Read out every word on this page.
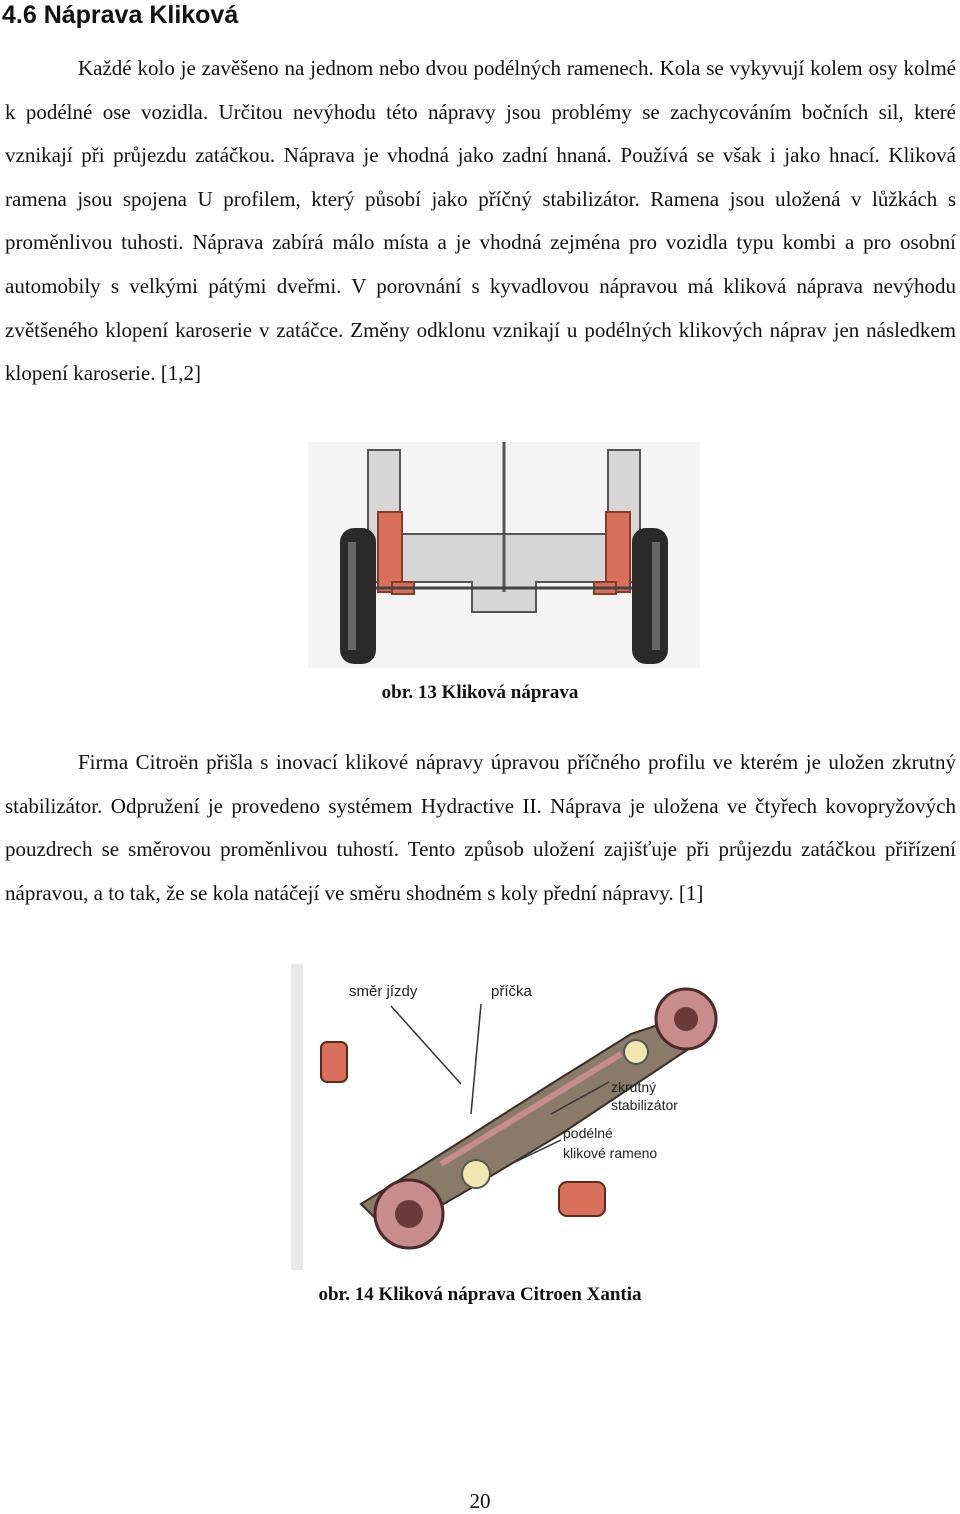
4.6 Náprava Kliková

Každé kolo je zavěšeno na jednom nebo dvou podélných ramenech. Kola se vykyvují kolem osy kolmé k podélné ose vozidla. Určitou nevýhodu této nápravy jsou problémy se zachycováním bočních sil, které vznikají při průjezdu zatáčkou. Náprava je vhodná jako zadní hnaná. Používá se však i jako hnací. Kliková ramena jsou spojena U profilem, který působí jako příčný stabilizátor. Ramena jsou uložená v lůžkách s proměnlivou tuhosti. Náprava zabírá málo místa a je vhodná zejména pro vozidla typu kombi a pro osobní automobily s velkými pátými dveřmi. V porovnání s kyvadlovou nápravou má kliková náprava nevýhodu zvětšeného klopení karoserie v zatáčce. Změny odklonu vznikají u podélných klikových náprav jen následkem klopení karoserie. [1,2]

obr. 13 Kliková náprava

Firma Citroën přišla s inovací klikové nápravy úpravou příčného profilu ve kterém je uložen zkrutný stabilizátor. Odpružení je provedeno systémem Hydractive II. Náprava je uložena ve čtyřech kovopryžových pouzdrech se směrovou proměnlivou tuhostí. Tento způsob uložení zajišťuje při průjezdu zatáčkou přiřízení nápravou, a to tak, že se kola natáčejí ve směru shodném s koly přední nápravy. [1]

směr jízdy	příčka
zkrutný
stabilizátor
podélné
klikové rameno

obr. 14 Kliková náprava Citroen Xantia

20
